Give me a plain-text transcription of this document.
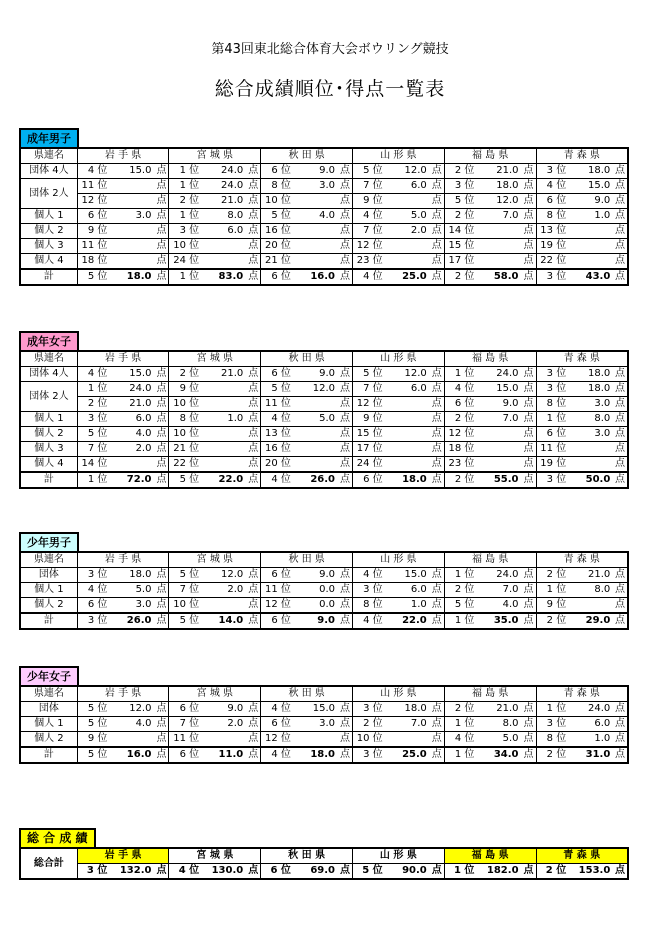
第43回東北総合体育大会ボウリング競技
総合成績順位･得点一覧表
成年男子
県連名	岩 手 県			宮 城 県			秋 田 県			山 形 県			福 島 県			青 森 県		
団体 4人	4 位	15.0	点	1 位	24.0	点	6 位	9.0	点	5 位	12.0	点	2 位	21.0	点	3 位	18.0	点
団体 2人	11 位		点	1 位	24.0	点	8 位	3.0	点	7 位	6.0	点	3 位	18.0	点	4 位	15.0	点
	12 位		点	2 位	21.0	点	10 位		点	9 位		点	5 位	12.0	点	6 位	9.0	点
個人 1	6 位	3.0	点	1 位	8.0	点	5 位	4.0	点	4 位	5.0	点	2 位	7.0	点	8 位	1.0	点
個人 2	9 位		点	3 位	6.0	点	16 位		点	7 位	2.0	点	14 位		点	13 位		点
個人 3	11 位		点	10 位		点	20 位		点	12 位		点	15 位		点	19 位		点
個人 4	18 位		点	24 位		点	21 位		点	23 位		点	17 位		点	22 位		点
計	5 位	18.0	点	1 位	83.0	点	6 位	16.0	点	4 位	25.0	点	2 位	58.0	点	3 位	43.0	点
成年女子
県連名	岩 手 県			宮 城 県			秋 田 県			山 形 県			福 島 県			青 森 県		
団体 4人	4 位	15.0	点	2 位	21.0	点	6 位	9.0	点	5 位	12.0	点	1 位	24.0	点	3 位	18.0	点
団体 2人	1 位	24.0	点	9 位		点	5 位	12.0	点	7 位	6.0	点	4 位	15.0	点	3 位	18.0	点
	2 位	21.0	点	10 位		点	11 位		点	12 位		点	6 位	9.0	点	8 位	3.0	点
個人 1	3 位	6.0	点	8 位	1.0	点	4 位	5.0	点	9 位		点	2 位	7.0	点	1 位	8.0	点
個人 2	5 位	4.0	点	10 位		点	13 位		点	15 位		点	12 位		点	6 位	3.0	点
個人 3	7 位	2.0	点	21 位		点	16 位		点	17 位		点	18 位		点	11 位		点
個人 4	14 位		点	22 位		点	20 位		点	24 位		点	23 位		点	19 位		点
計	1 位	72.0	点	5 位	22.0	点	4 位	26.0	点	6 位	18.0	点	2 位	55.0	点	3 位	50.0	点
少年男子
県連名	岩 手 県			宮 城 県			秋 田 県			山 形 県			福 島 県			青 森 県		
団体	3 位	18.0	点	5 位	12.0	点	6 位	9.0	点	4 位	15.0	点	1 位	24.0	点	2 位	21.0	点
個人 1	4 位	5.0	点	7 位	2.0	点	11 位	0.0	点	3 位	6.0	点	2 位	7.0	点	1 位	8.0	点
個人 2	6 位	3.0	点	10 位		点	12 位	0.0	点	8 位	1.0	点	5 位	4.0	点	9 位		点
計	3 位	26.0	点	5 位	14.0	点	6 位	9.0	点	4 位	22.0	点	1 位	35.0	点	2 位	29.0	点
少年女子
県連名	岩 手 県			宮 城 県			秋 田 県			山 形 県			福 島 県			青 森 県		
団体	5 位	12.0	点	6 位	9.0	点	4 位	15.0	点	3 位	18.0	点	2 位	21.0	点	1 位	24.0	点
個人 1	5 位	4.0	点	7 位	2.0	点	6 位	3.0	点	2 位	7.0	点	1 位	8.0	点	3 位	6.0	点
個人 2	9 位		点	11 位		点	12 位		点	10 位		点	4 位	5.0	点	8 位	1.0	点
計	5 位	16.0	点	6 位	11.0	点	4 位	18.0	点	3 位	25.0	点	1 位	34.0	点	2 位	31.0	点
総 合 成 績
総合計	岩 手 県			宮 城 県			秋 田 県			山 形 県			福 島 県			青 森 県		
	3 位	132.0	点	4 位	130.0	点	6 位	69.0	点	5 位	90.0	点	1 位	182.0	点	2 位	153.0	点
